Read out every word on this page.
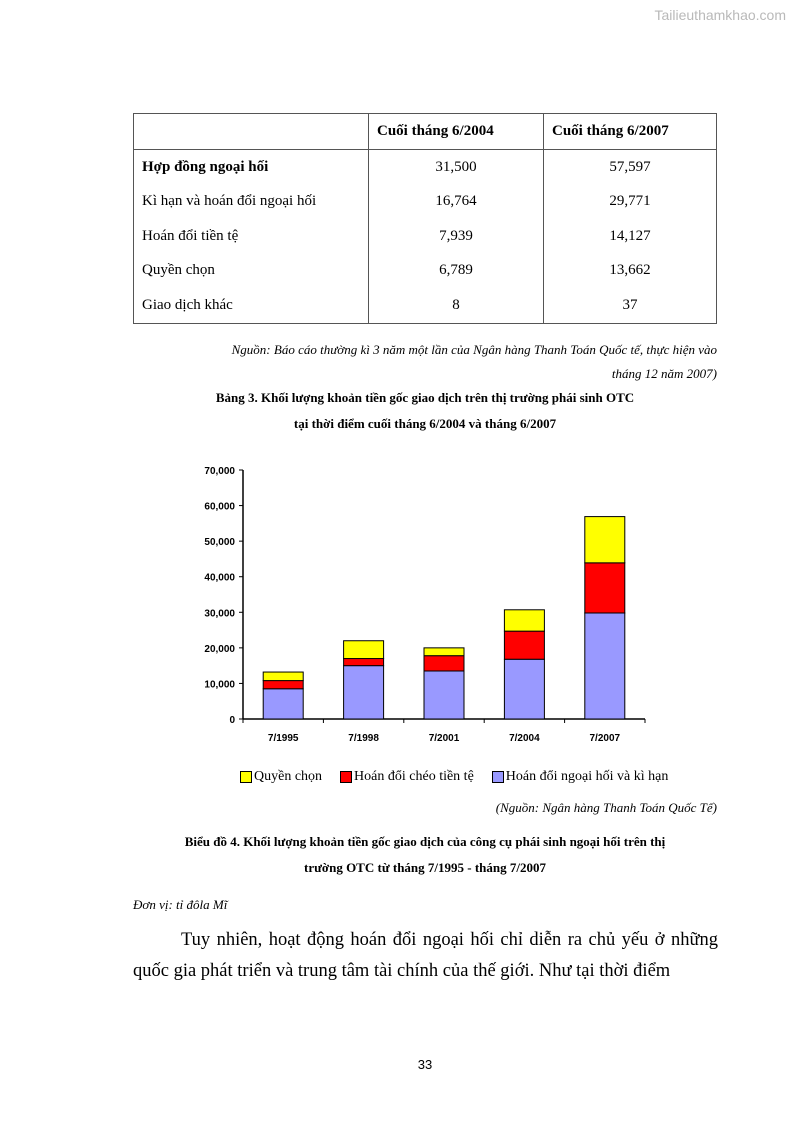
Tailieuthamkhao.com
	Cuối tháng 6/2004	Cuối tháng 6/2007
Hợp đồng ngoại hối	31,500	57,597
Kì hạn và hoán đổi ngoại hối	16,764	29,771
Hoán đổi tiền tệ	7,939	14,127
Quyền chọn	6,789	13,662
Giao dịch khác	8	37
Nguồn: Báo cáo thường kì 3 năm một lần của Ngân hàng Thanh Toán Quốc tế, thực hiện vào
tháng 12 năm 2007)
Bảng 3. Khối lượng khoản tiền gốc giao dịch trên thị trường phái sinh OTC
tại thời điểm cuối tháng 6/2004 và tháng 6/2007
0
10,000
20,000
30,000
40,000
50,000
60,000
70,000
7/1995	7/1998	7/2001	7/2004	7/2007
Quyền chọn Hoán đổi chéo tiền tệ Hoán đổi ngoại hối và kì hạn
(Nguồn: Ngân hàng Thanh Toán Quốc Tế)
Biểu đồ 4. Khối lượng khoản tiền gốc giao dịch của công cụ phái sinh ngoại hối trên thị
trường OTC từ tháng 7/1995 - tháng 7/2007
Đơn vị: tỉ đôla Mĩ
Tuy nhiên, hoạt động hoán đổi ngoại hối chỉ diễn ra chủ yếu ở những quốc gia phát triển và trung tâm tài chính của thế giới. Như tại thời điểm
33
